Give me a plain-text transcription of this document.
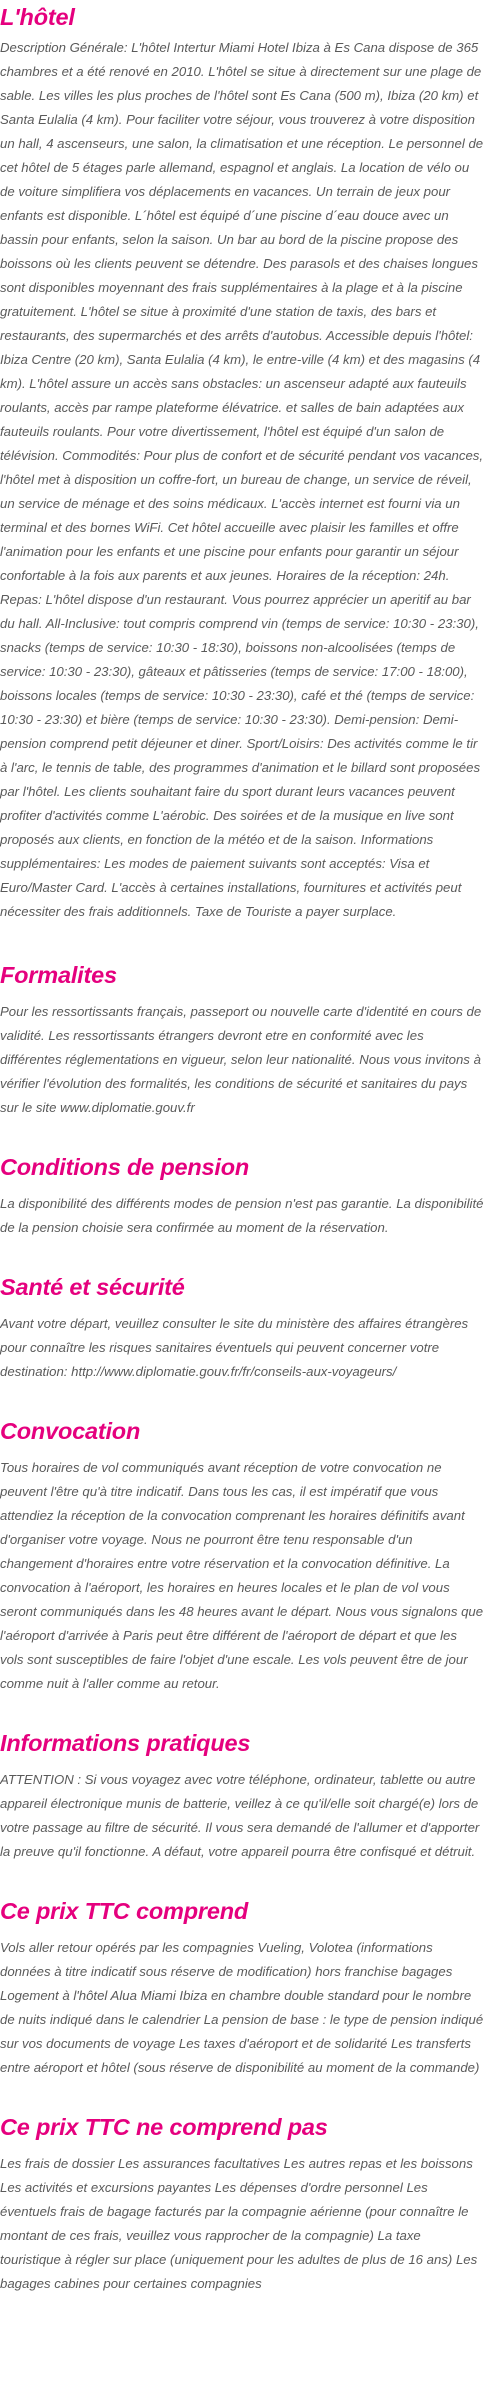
L'hôtel

Description Générale: L'hôtel Intertur Miami Hotel Ibiza à Es Cana dispose de 365 chambres et a été renové en 2010. L'hôtel se situe à directement sur une plage de sable. Les villes les plus proches de l'hôtel sont Es Cana (500 m), Ibiza (20 km) et Santa Eulalia (4 km). Pour faciliter votre séjour, vous trouverez à votre disposition un hall, 4 ascenseurs, une salon, la climatisation et une réception. Le personnel de cet hôtel de 5 étages parle allemand, espagnol et anglais. La location de vélo ou de voiture simplifiera vos déplacements en vacances. Un terrain de jeux pour enfants est disponible. L´hôtel est équipé d´une piscine d´eau douce avec un bassin pour enfants, selon la saison. Un bar au bord de la piscine propose des boissons où les clients peuvent se détendre. Des parasols et des chaises longues sont disponibles moyennant des frais supplémentaires à la plage et à la piscine gratuitement. L'hôtel se situe à proximité d'une station de taxis, des bars et restaurants, des supermarchés et des arrêts d'autobus. Accessible depuis l'hôtel: Ibiza Centre (20 km), Santa Eulalia (4 km), le entre-ville (4 km) et des magasins (4 km). L'hôtel assure un accès sans obstacles: un ascenseur adapté aux fauteuils roulants, accès par rampe plateforme élévatrice. et salles de bain adaptées aux fauteuils roulants. Pour votre divertissement, l'hôtel est équipé d'un salon de télévision. Commodités: Pour plus de confort et de sécurité pendant vos vacances, l'hôtel met à disposition un coffre-fort, un bureau de change, un service de réveil, un service de ménage et des soins médicaux. L'accès internet est fourni via un terminal et des bornes WiFi. Cet hôtel accueille avec plaisir les familles et offre l'animation pour les enfants et une piscine pour enfants pour garantir un séjour confortable à la fois aux parents et aux jeunes. Horaires de la réception: 24h. Repas: L'hôtel dispose d'un restaurant. Vous pourrez apprécier un aperitif au bar du hall. All-Inclusive: tout compris comprend vin (temps de service: 10:30 - 23:30), snacks (temps de service: 10:30 - 18:30), boissons non-alcoolisées (temps de service: 10:30 - 23:30), gâteaux et pâtisseries (temps de service: 17:00 - 18:00), boissons locales (temps de service: 10:30 - 23:30), café et thé (temps de service: 10:30 - 23:30) et bière (temps de service: 10:30 - 23:30). Demi-pension: Demi-pension comprend petit déjeuner et diner. Sport/Loisirs: Des activités comme le tir à l'arc, le tennis de table, des programmes d'animation et le billard sont proposées par l'hôtel. Les clients souhaitant faire du sport durant leurs vacances peuvent profiter d'activités comme L'aérobic. Des soirées et de la musique en live sont proposés aux clients, en fonction de la météo et de la saison. Informations supplémentaires: Les modes de paiement suivants sont acceptés: Visa et Euro/Master Card. L'accès à certaines installations, fournitures et activités peut nécessiter des frais additionnels. Taxe de Touriste a payer surplace.

Formalites

Pour les ressortissants français, passeport ou nouvelle carte d'identité en cours de validité. Les ressortissants étrangers devront etre en conformité avec les différentes réglementations en vigueur, selon leur nationalité. Nous vous invitons à vérifier l'évolution des formalités, les conditions de sécurité et sanitaires du pays sur le site www.diplomatie.gouv.fr

Conditions de pension

La disponibilité des différents modes de pension n'est pas garantie. La disponibilité de la pension choisie sera confirmée au moment de la réservation.

Santé et sécurité

Avant votre départ, veuillez consulter le site du ministère des affaires étrangères pour connaître les risques sanitaires éventuels qui peuvent concerner votre destination: http://www.diplomatie.gouv.fr/fr/conseils-aux-voyageurs/

Convocation

Tous horaires de vol communiqués avant réception de votre convocation ne peuvent l'être qu'à titre indicatif. Dans tous les cas, il est impératif que vous attendiez la réception de la convocation comprenant les horaires définitifs avant d'organiser votre voyage. Nous ne pourront être tenu responsable d'un changement d'horaires entre votre réservation et la convocation définitive. La convocation à l'aéroport, les horaires en heures locales et le plan de vol vous seront communiqués dans les 48 heures avant le départ. Nous vous signalons que l'aéroport d'arrivée à Paris peut être différent de l'aéroport de départ et que les vols sont susceptibles de faire l'objet d'une escale. Les vols peuvent être de jour comme nuit à l'aller comme au retour.

Informations pratiques

ATTENTION : Si vous voyagez avec votre téléphone, ordinateur, tablette ou autre appareil électronique munis de batterie, veillez à ce qu'il/elle soit chargé(e) lors de votre passage au filtre de sécurité. Il vous sera demandé de l'allumer et d'apporter la preuve qu'il fonctionne. A défaut, votre appareil pourra être confisqué et détruit.

Ce prix TTC comprend

Vols aller retour opérés par les compagnies Vueling, Volotea (informations données à titre indicatif sous réserve de modification) hors franchise bagages Logement à l'hôtel Alua Miami Ibiza en chambre double standard pour le nombre de nuits indiqué dans le calendrier La pension de base : le type de pension indiqué sur vos documents de voyage Les taxes d'aéroport et de solidarité Les transferts entre aéroport et hôtel (sous réserve de disponibilité au moment de la commande)

Ce prix TTC ne comprend pas

Les frais de dossier Les assurances facultatives Les autres repas et les boissons Les activités et excursions payantes Les dépenses d'ordre personnel Les éventuels frais de bagage facturés par la compagnie aérienne (pour connaître le montant de ces frais, veuillez vous rapprocher de la compagnie) La taxe touristique à régler sur place (uniquement pour les adultes de plus de 16 ans) Les bagages cabines pour certaines compagnies
